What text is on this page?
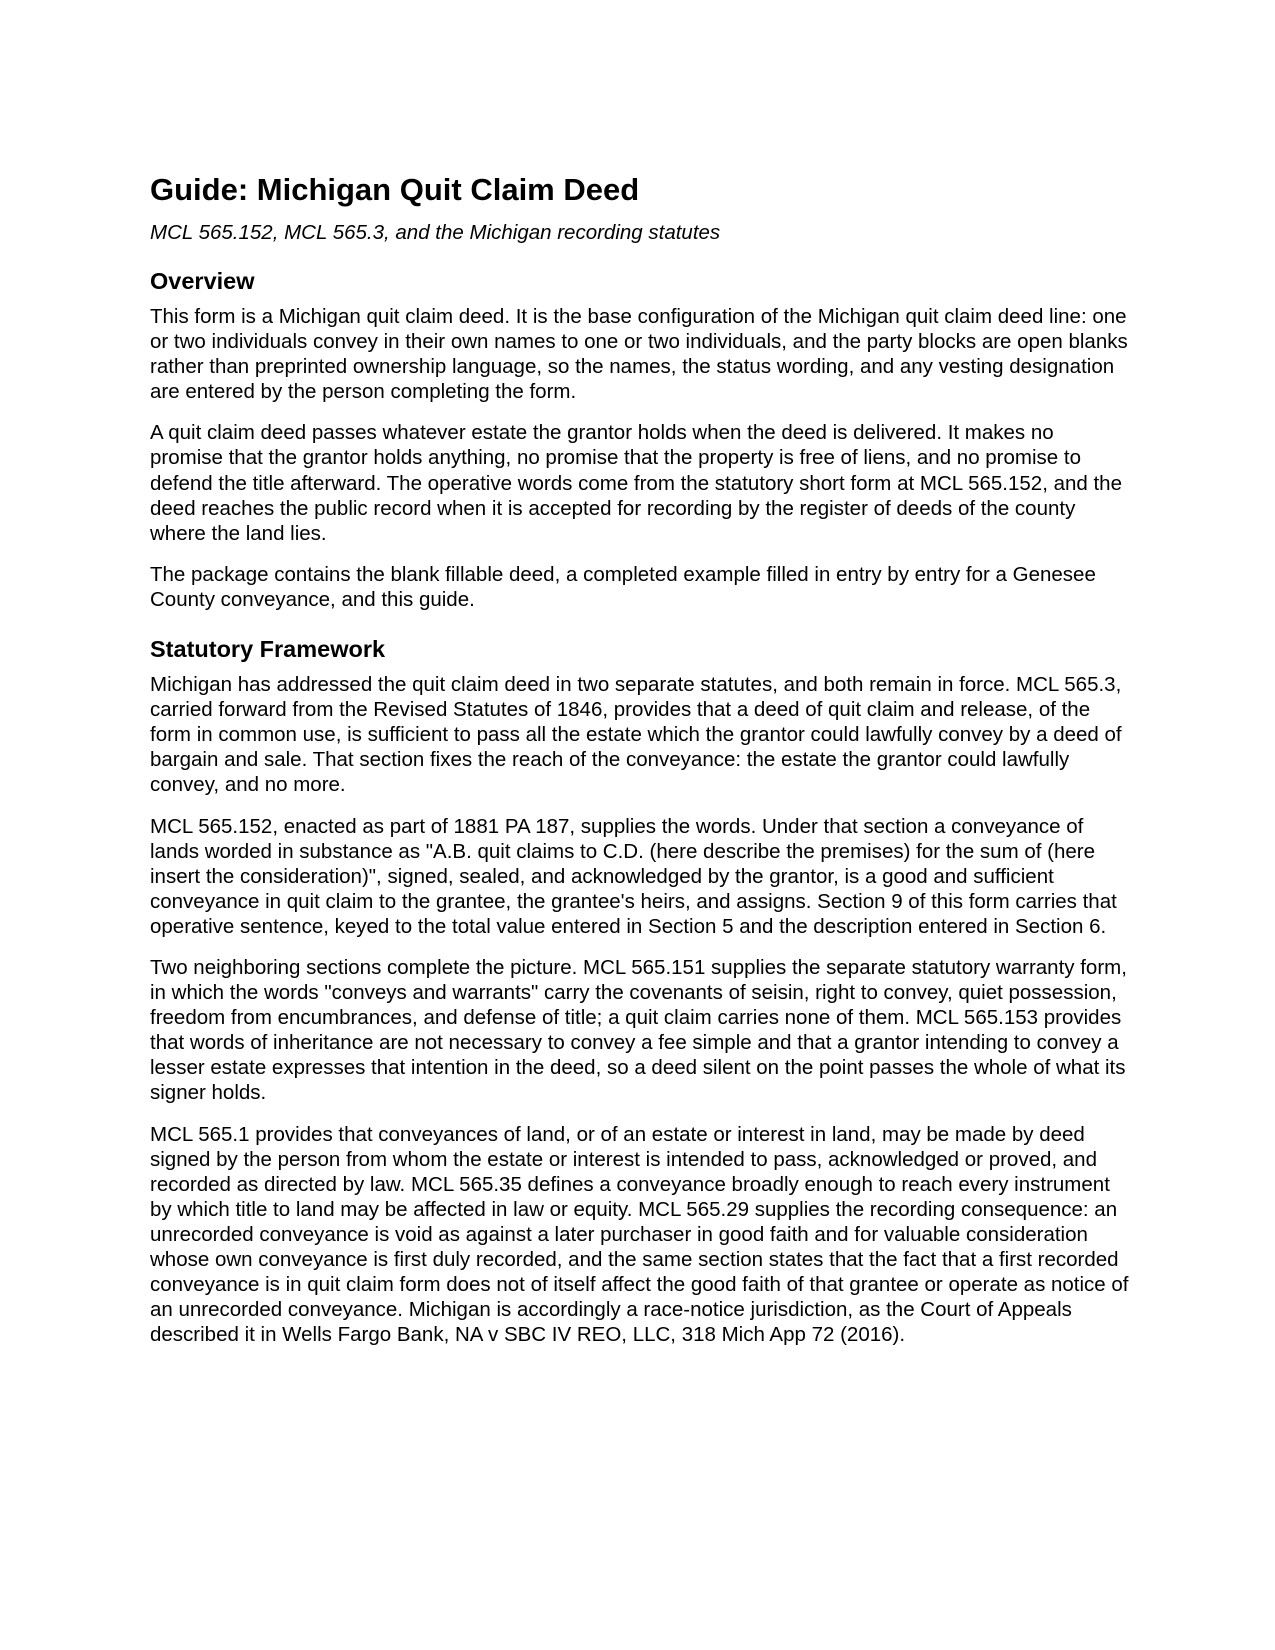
Guide: Michigan Quit Claim Deed

MCL 565.152, MCL 565.3, and the Michigan recording statutes

Overview

This form is a Michigan quit claim deed. It is the base configuration of the Michigan quit claim deed line: one or two individuals convey in their own names to one or two individuals, and the party blocks are open blanks rather than preprinted ownership language, so the names, the status wording, and any vesting designation are entered by the person completing the form.

A quit claim deed passes whatever estate the grantor holds when the deed is delivered. It makes no promise that the grantor holds anything, no promise that the property is free of liens, and no promise to defend the title afterward. The operative words come from the statutory short form at MCL 565.152, and the deed reaches the public record when it is accepted for recording by the register of deeds of the county where the land lies.

The package contains the blank fillable deed, a completed example filled in entry by entry for a Genesee County conveyance, and this guide.

Statutory Framework

Michigan has addressed the quit claim deed in two separate statutes, and both remain in force. MCL 565.3, carried forward from the Revised Statutes of 1846, provides that a deed of quit claim and release, of the form in common use, is sufficient to pass all the estate which the grantor could lawfully convey by a deed of bargain and sale. That section fixes the reach of the conveyance: the estate the grantor could lawfully convey, and no more.

MCL 565.152, enacted as part of 1881 PA 187, supplies the words. Under that section a conveyance of lands worded in substance as "A.B. quit claims to C.D. (here describe the premises) for the sum of (here insert the consideration)", signed, sealed, and acknowledged by the grantor, is a good and sufficient conveyance in quit claim to the grantee, the grantee's heirs, and assigns. Section 9 of this form carries that operative sentence, keyed to the total value entered in Section 5 and the description entered in Section 6.

Two neighboring sections complete the picture. MCL 565.151 supplies the separate statutory warranty form, in which the words "conveys and warrants" carry the covenants of seisin, right to convey, quiet possession, freedom from encumbrances, and defense of title; a quit claim carries none of them. MCL 565.153 provides that words of inheritance are not necessary to convey a fee simple and that a grantor intending to convey a lesser estate expresses that intention in the deed, so a deed silent on the point passes the whole of what its signer holds.

MCL 565.1 provides that conveyances of land, or of an estate or interest in land, may be made by deed signed by the person from whom the estate or interest is intended to pass, acknowledged or proved, and recorded as directed by law. MCL 565.35 defines a conveyance broadly enough to reach every instrument by which title to land may be affected in law or equity. MCL 565.29 supplies the recording consequence: an unrecorded conveyance is void as against a later purchaser in good faith and for valuable consideration whose own conveyance is first duly recorded, and the same section states that the fact that a first recorded conveyance is in quit claim form does not of itself affect the good faith of that grantee or operate as notice of an unrecorded conveyance. Michigan is accordingly a race-notice jurisdiction, as the Court of Appeals described it in Wells Fargo Bank, NA v SBC IV REO, LLC, 318 Mich App 72 (2016).
